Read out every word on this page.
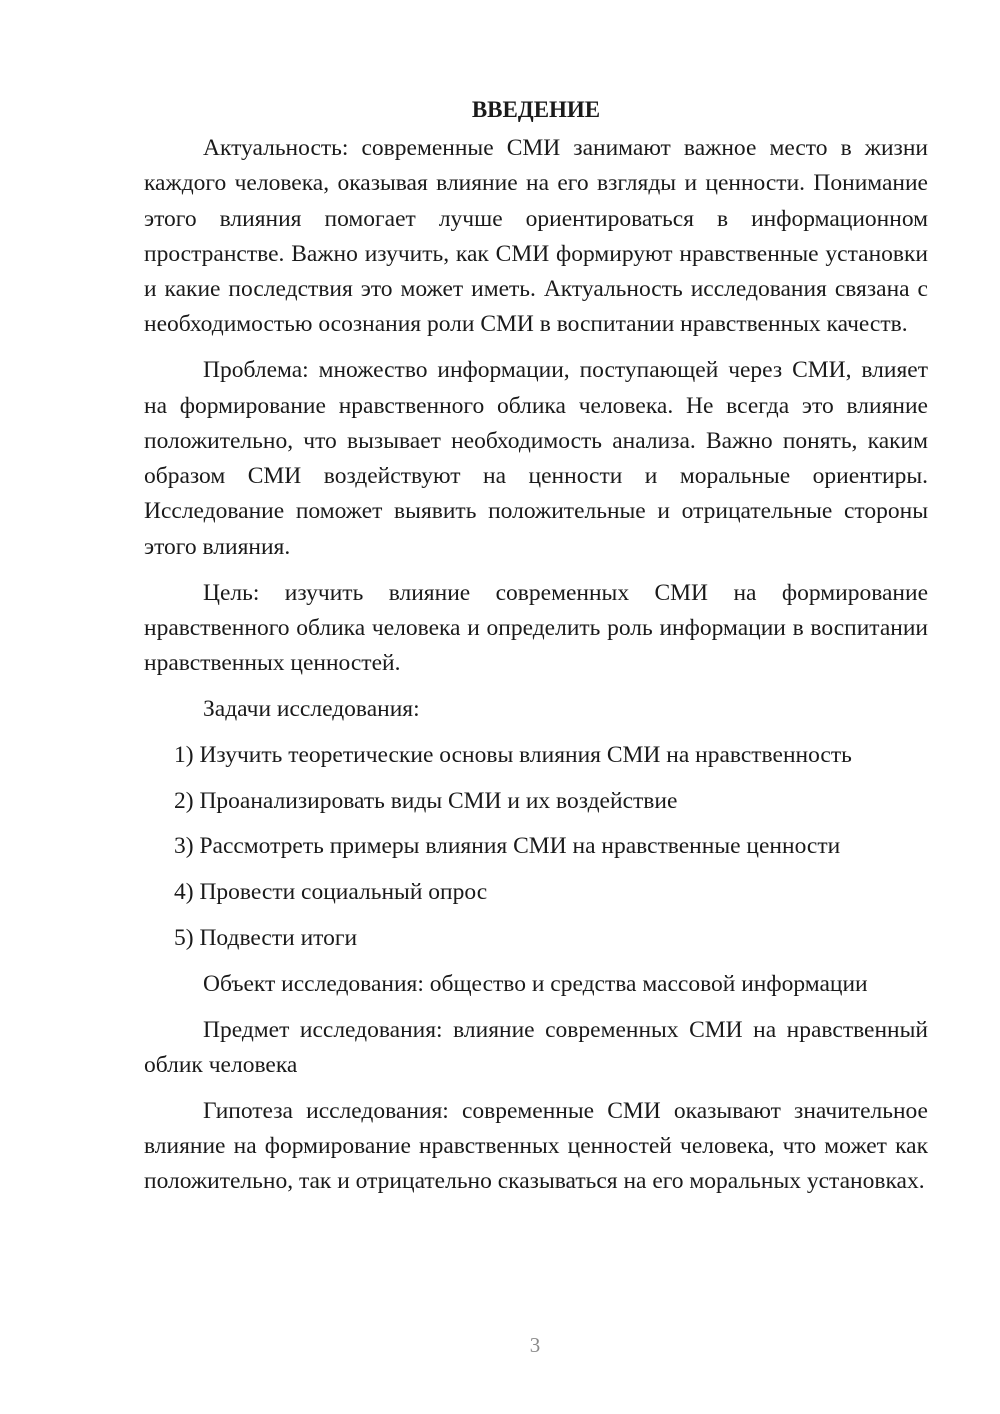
ВВЕДЕНИЕ

Актуальность: современные СМИ занимают важное место в жизни каждого человека, оказывая влияние на его взгляды и ценности. Понимание этого влияния помогает лучше ориентироваться в информационном пространстве. Важно изучить, как СМИ формируют нравственные установки и какие последствия это может иметь. Актуальность исследования связана с необходимостью осознания роли СМИ в воспитании нравственных качеств.

Проблема: множество информации, поступающей через СМИ, влияет на формирование нравственного облика человека. Не всегда это влияние положительно, что вызывает необходимость анализа. Важно понять, каким образом СМИ воздействуют на ценности и моральные ориентиры. Исследование поможет выявить положительные и отрицательные стороны этого влияния.

Цель: изучить влияние современных СМИ на формирование нравственного облика человека и определить роль информации в воспитании нравственных ценностей.

Задачи исследования:

1) Изучить теоретические основы влияния СМИ на нравственность

2) Проанализировать виды СМИ и их воздействие

3) Рассмотреть примеры влияния СМИ на нравственные ценности

4) Провести социальный опрос

5) Подвести итоги

Объект исследования: общество и средства массовой информации

Предмет исследования: влияние современных СМИ на нравственный облик человека

Гипотеза исследования: современные СМИ оказывают значительное влияние на формирование нравственных ценностей человека, что может как положительно, так и отрицательно сказываться на его моральных установках.

3
